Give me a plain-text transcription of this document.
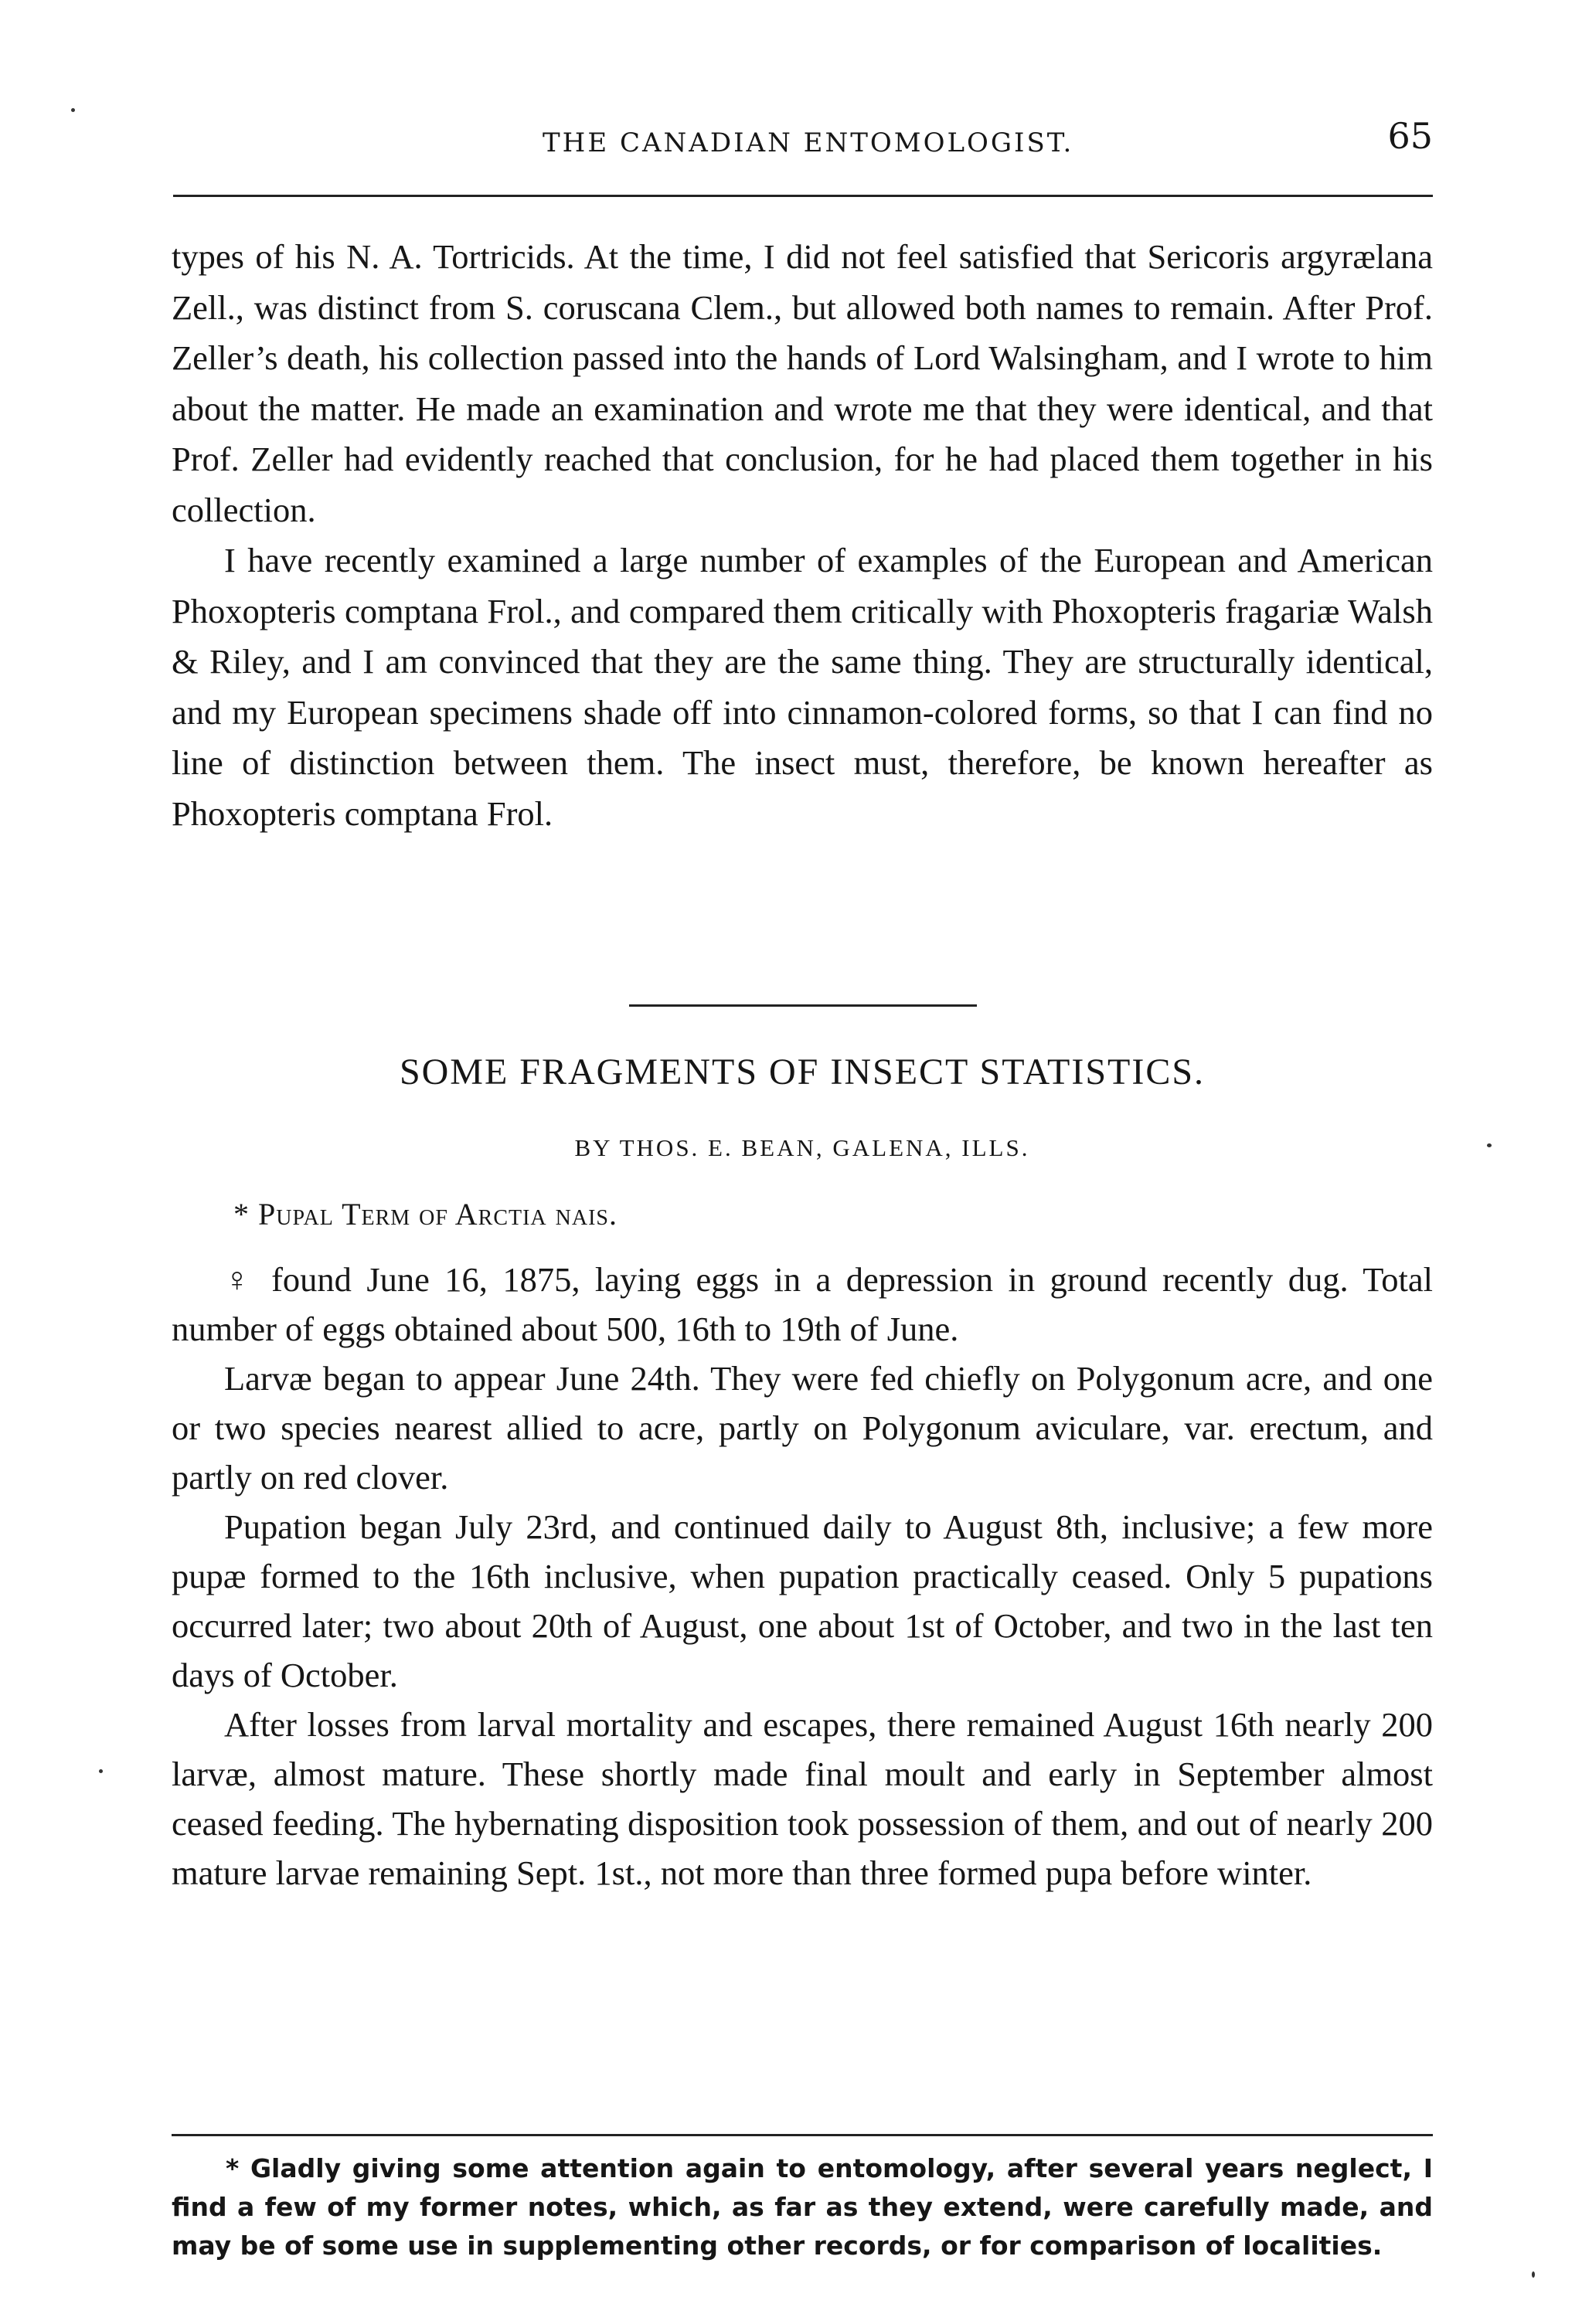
THE CANADIAN ENTOMOLOGIST.	65

types of his N. A. Tortricids. At the time, I did not feel satisfied that Sericoris argyrælana Zell., was distinct from S. coruscana Clem., but allowed both names to remain. After Prof. Zeller’s death, his collection passed into the hands of Lord Walsingham, and I wrote to him about the matter. He made an examination and wrote me that they were identical, and that Prof. Zeller had evidently reached that conclusion, for he had placed them together in his collection.

I have recently examined a large number of examples of the European and American Phoxopteris comptana Frol., and compared them critically with Phoxopteris fragariæ Walsh & Riley, and I am convinced that they are the same thing. They are structurally identical, and my European specimens shade off into cinnamon-colored forms, so that I can find no line of distinction between them. The insect must, therefore, be known hereafter as Phoxopteris comptana Frol.

SOME FRAGMENTS OF INSECT STATISTICS.
BY THOS. E. BEAN, GALENA, ILLS.
* Pupal Term of Arctia nais.

♀ found June 16, 1875, laying eggs in a depression in ground recently dug. Total number of eggs obtained about 500, 16th to 19th of June.

Larvæ began to appear June 24th. They were fed chiefly on Polygonum acre, and one or two species nearest allied to acre, partly on Polygonum aviculare, var. erectum, and partly on red clover.

Pupation began July 23rd, and continued daily to August 8th, inclusive; a few more pupæ formed to the 16th inclusive, when pupation practically ceased. Only 5 pupations occurred later; two about 20th of August, one about 1st of October, and two in the last ten days of October.

After losses from larval mortality and escapes, there remained August 16th nearly 200 larvæ, almost mature. These shortly made final moult and early in September almost ceased feeding. The hybernating disposition took possession of them, and out of nearly 200 mature larvae remaining Sept. 1st., not more than three formed pupa before winter.

* Gladly giving some attention again to entomology, after several years neglect, I find a few of my former notes, which, as far as they extend, were carefully made, and may be of some use in supplementing other records, or for comparison of localities.
